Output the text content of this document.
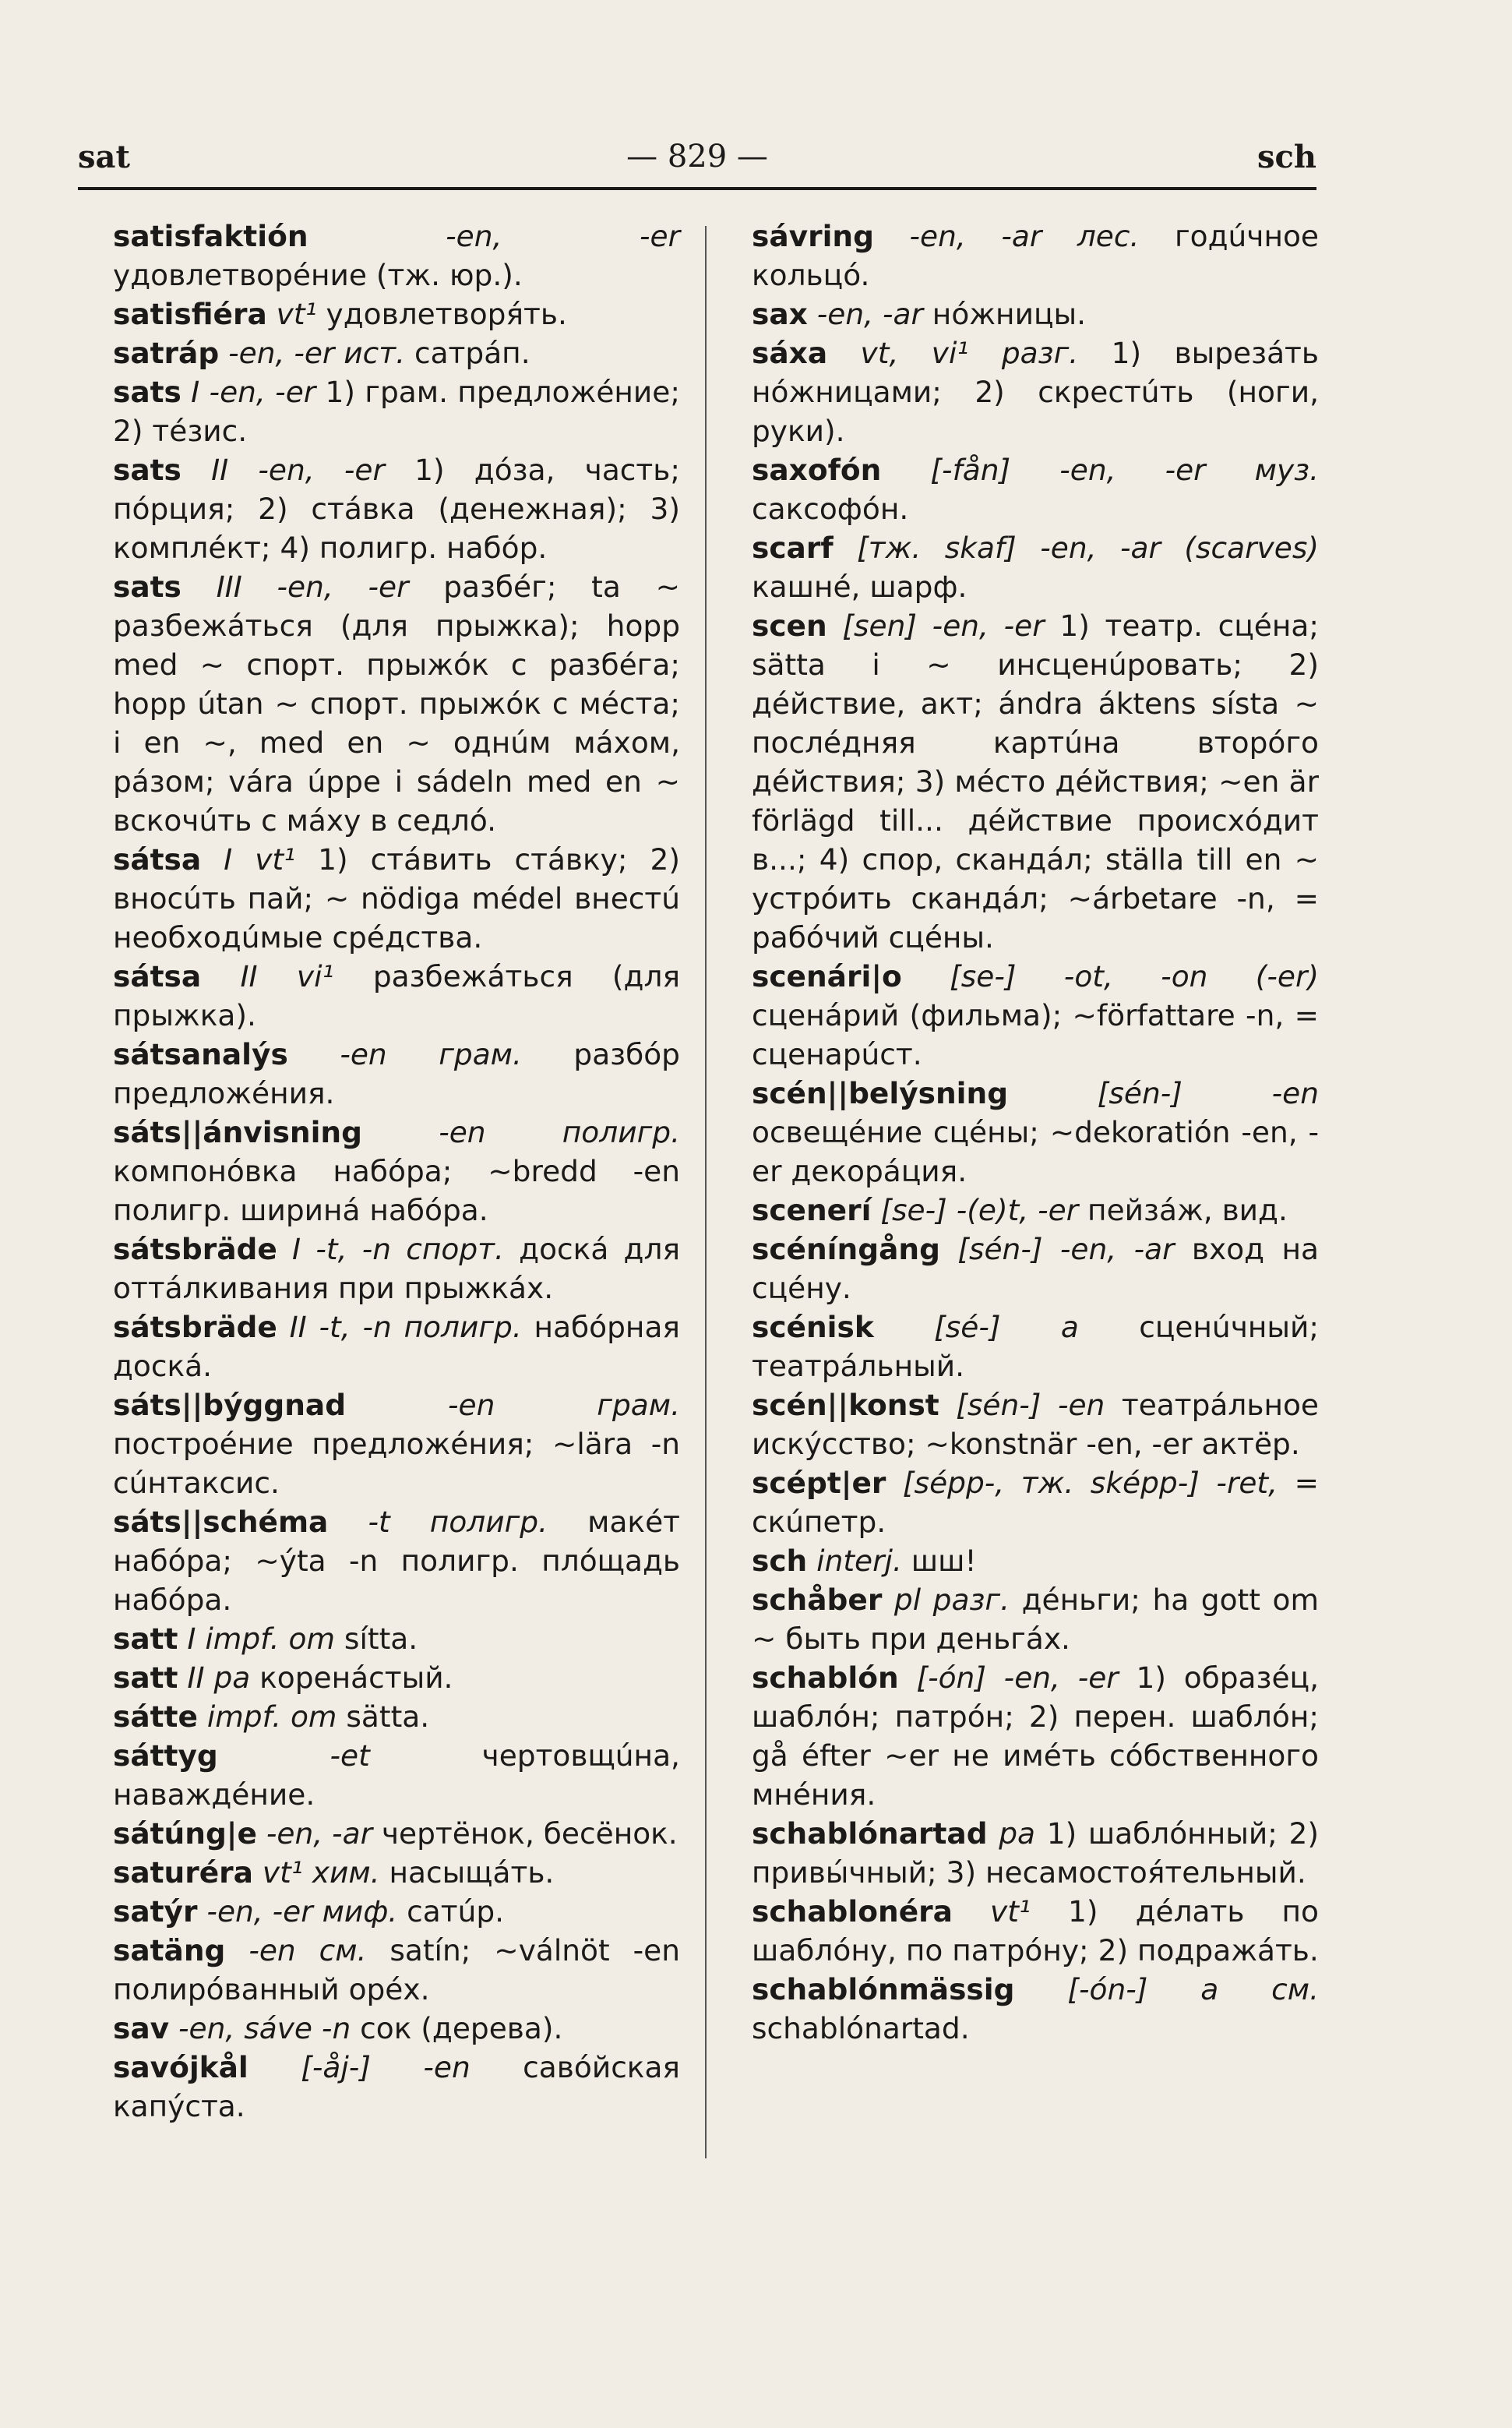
sat	— 829 —	sch

satisfaktión -en, -er удовлетворéние (тж. юр.).

satisfiéra vt¹ удовлетворя́ть.

satráp -en, -er ист. сатрáп.

sats I -en, -er 1) грам. предложéние; 2) тéзис.

sats II -en, -er 1) дóза, часть; пóрция; 2) стáвка (денежная); 3) комплéкт; 4) полигр. набóр.

sats III -en, -er разбéг; ta ~ разбежáться (для прыжка); hopp med ~ спорт. прыжóк с разбéга; hopp útan ~ спорт. прыжóк с мéста; i en ~, med en ~ однúм мáхом, рáзом; vára úppe i sádeln med en ~ вскочúть с мáху в седлó.

sátsa I vt¹ 1) стáвить стáвку; 2) вносúть пай; ~ nödiga médel внестú необходúмые срéдства.

sátsa II vi¹ разбежáться (для прыжка).

sátsanalýs -en грам. разбóр предложéния.

sáts||ánvisning -en полигр. компонóвка набóра; ~bredd -en полигр. ширинá набóра.

sátsbräde I -t, -n спорт. доскá для оттáлкивания при прыжкáх.

sátsbräde II -t, -n полигр. набóрная доскá.

sáts||býggnad -en грам. построéние предложéния; ~lära -n сúнтаксис.

sáts||schéma -t полигр. макéт набóра; ~ýta -n полигр. плóщадь набóра.

satt I impf. om sítta.

satt II pa коренáстый.

sátte impf. om sätta.

sáttyg -et чертовщúна, наваждéние.

sátúng|e -en, -ar чертёнок, бесёнок.

saturéra vt¹ хим. насыщáть.

satýr -en, -er миф. сатúр.

satäng -en см. satín; ~válnöt -en полирóванный орéх.

sav -en, sáve -n сок (дерева).

savójkål [-åj-] -en савóйская капýста.

sávring -en, -ar лес. годúчное кольцó.

sax -en, -ar нóжницы.

sáxa vt, vi¹ разг. 1) вырезáть нóжницами; 2) скрестúть (ноги, руки).

saxofón [-fån] -en, -er муз. саксофóн.

scarf [тж. skaf] -en, -ar (scarves) кашнé, шарф.

scen [sen] -en, -er 1) театр. сцéна; sätta i ~ инсценúровать; 2) дéйствие, акт; ándra áktens sísta ~ послéдняя картúна вторóго дéйствия; 3) мéсто дéйствия; ~en är förlägd till... дéйствие происхóдит в...; 4) спор, скандáл; ställa till en ~ устрóить скандáл; ~árbetare -n, = рабóчий сцéны.

scenári|o [se-] -ot, -on (-er) сценáрий (фильма); ~författare -n, = сценарúст.

scén||belýsning [sén-] -en освещéние сцéны; ~dekoratión -en, -er декорáция.

scenerí [se-] -(e)t, -er пейзáж, вид.

scéníngång [sén-] -en, -ar вход на сцéну.

scénisk [sé-] a сценúчный; театрáльный.

scén||konst [sén-] -en театрáльное искýсство; ~konstnär -en, -er актёр.

scépt|er [sépp-, тж. sképp-] -ret, = скúпетр.

sch interj. шш!

schåber pl разг. дéньги; ha gott om ~ быть при деньгáх.

schablón [-ón] -en, -er 1) образéц, шаблóн; патрóн; 2) перен. шаблóн; gå éfter ~er не имéть сóбственного мнéния.

schablónartad pa 1) шаблóнный; 2) привы́чный; 3) несамостоя́тельный.

schablonéra vt¹ 1) дéлать по шаблóну, по патрóну; 2) подражáть.

schablónmässig [-ón-] a см. schablónartad.
